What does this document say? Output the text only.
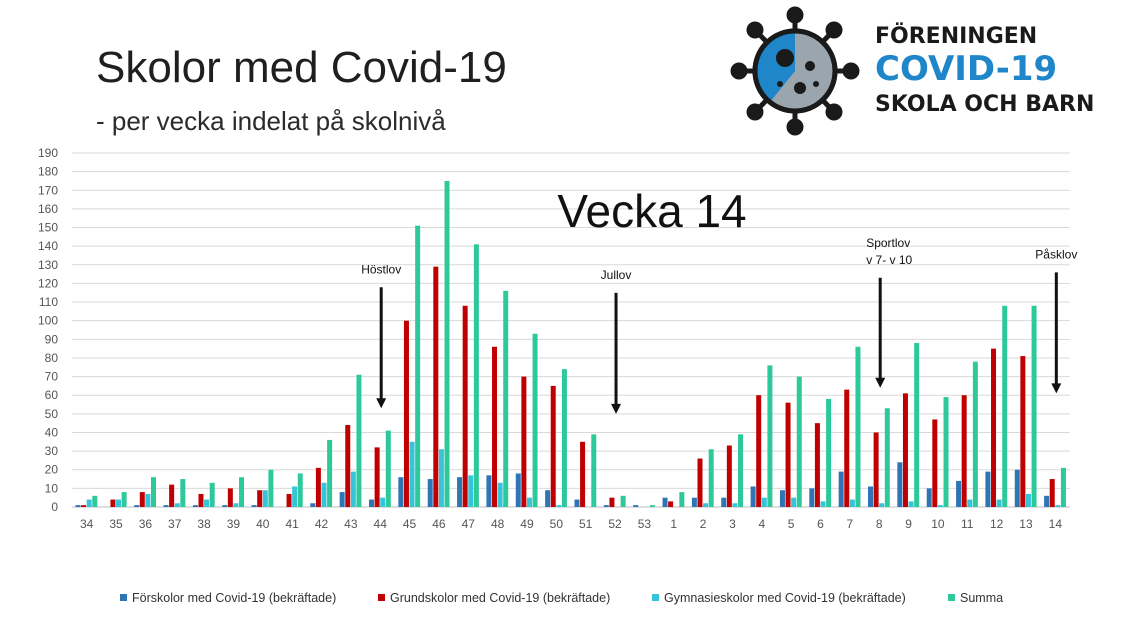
Skolor med Covid-19
- per vecka indelat på skolnivå
FÖRENINGEN
COVID-19
SKOLA OCH BARN
0
10
20
30
40
50
60
70
80
90
100
110
120
130
140
150
160
170
180
190
34 35 36 37 38 39 40 41 42 43 44 45 46 47 48 49 50 51 52 53 1 2 3 4 5 6 7 8 9 10 11 12 13 14
Vecka 14
Höstlov	Jullov
Sportlov
v 7- v 10	Påsklov
Förskolor med Covid-19 (bekräftade)	Grundskolor med Covid-19 (bekräftade)	Gymnasieskolor med Covid-19 (bekräftade)	Summa
